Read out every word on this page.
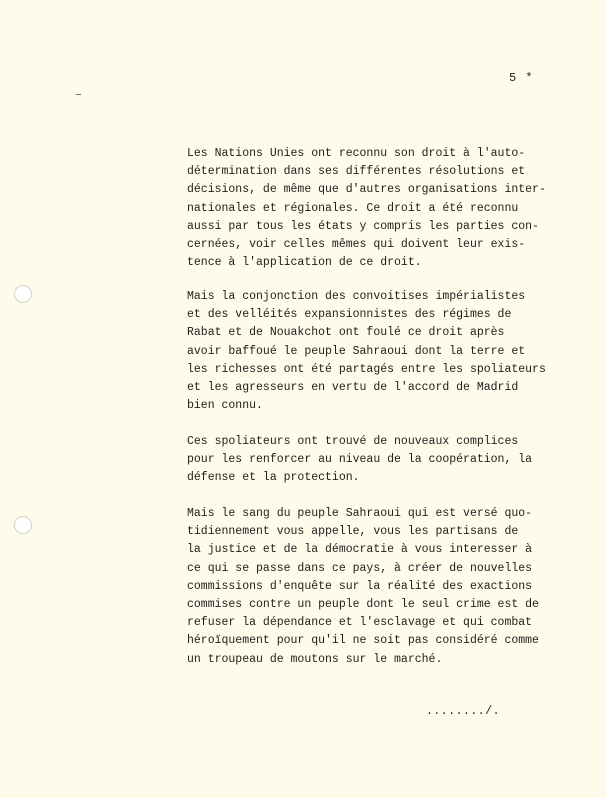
5 *

Les Nations Unies ont reconnu son droit à l'auto-
détermination dans ses différentes résolutions et
décisions, de même que d'autres organisations inter-
nationales et régionales. Ce droit a été reconnu
aussi par tous les états y compris les parties con-
cernées, voir celles mêmes qui doivent leur exis-
tence à l'application de ce droit.

Mais la conjonction des convoitises impérialistes
et des velléités expansionnistes des régimes de
Rabat et de Nouakchot ont foulé ce droit après
avoir baffoué le peuple Sahraoui dont la terre et
les richesses ont été partagés entre les spoliateurs
et les agresseurs en vertu de l'accord de Madrid
bien connu.

Ces spoliateurs ont trouvé de nouveaux complices
pour les renforcer au niveau de la coopération, la
défense et la protection.

Mais le sang du peuple Sahraoui qui est versé quo-
tidiennement vous appelle, vous les partisans de
la justice et de la démocratie à vous interesser à
ce qui se passe dans ce pays, à créer de nouvelles
commissions d'enquête sur la réalité des exactions
commises contre un peuple dont le seul crime est de
refuser la dépendance et l'esclavage et qui combat
héroïquement pour qu'il ne soit pas considéré comme
un troupeau de moutons sur le marché.

......../.
